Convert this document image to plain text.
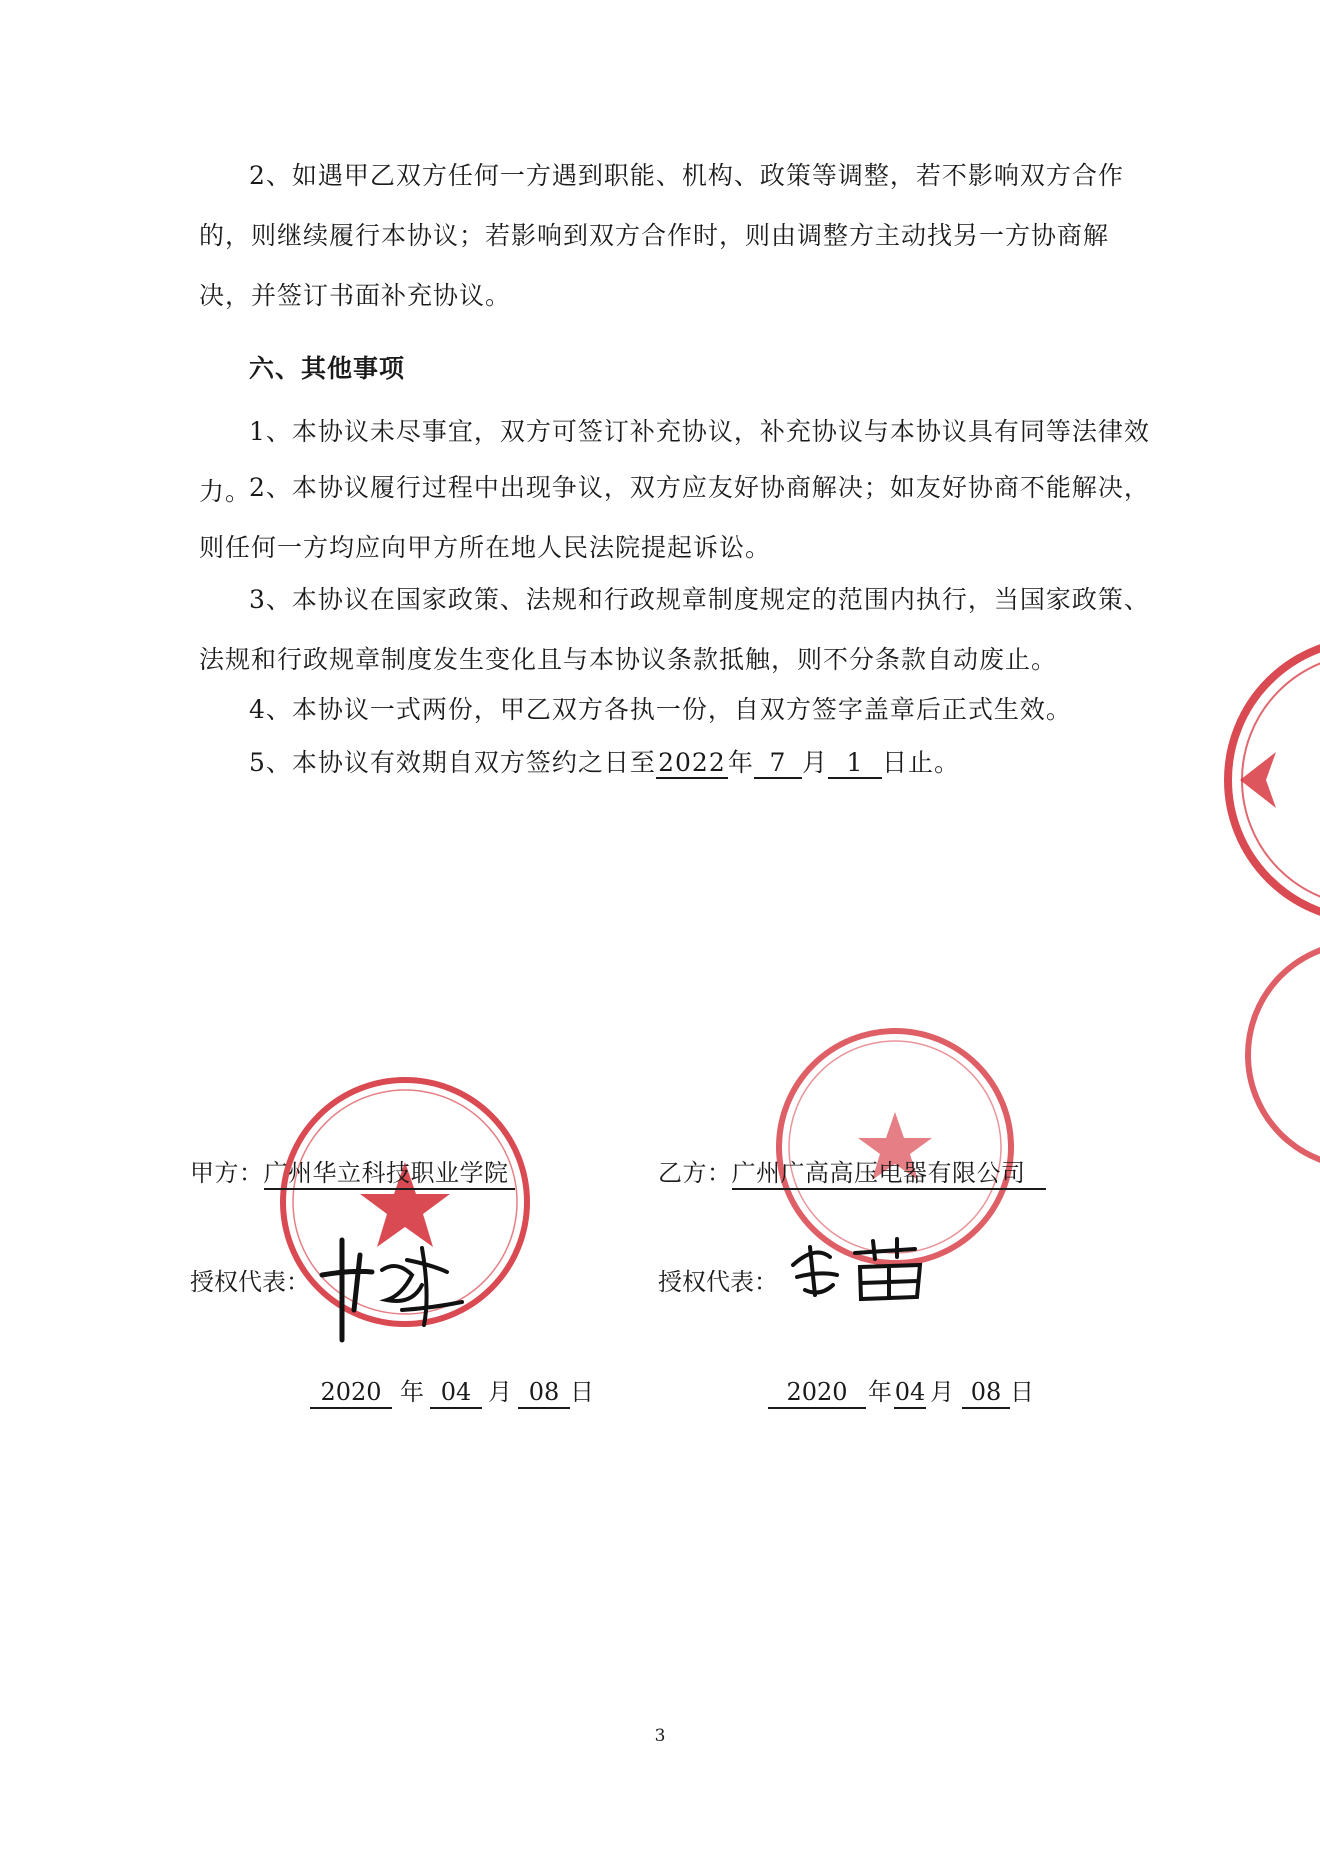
2、如遇甲乙双方任何一方遇到职能、机构、政策等调整，若不影响双方合作的，则继续履行本协议；若影响到双方合作时，则由调整方主动找另一方协商解决，并签订书面补充协议。

六、其他事项

1、本协议未尽事宜，双方可签订补充协议，补充协议与本协议具有同等法律效力。

2、本协议履行过程中出现争议，双方应友好协商解决；如友好协商不能解决，则任何一方均应向甲方所在地人民法院提起诉讼。

3、本协议在国家政策、法规和行政规章制度规定的范围内执行，当国家政策、法规和行政规章制度发生变化且与本协议条款抵触，则不分条款自动废止。

4、本协议一式两份，甲乙双方各执一份，自双方签字盖章后正式生效。

5、本协议有效期自双方签约之日至2022年 7 月 1 日止。

甲方：广州华立科技职业学院	乙方：广州广高高压电器有限公司
授权代表：	授权代表：
2020 年 04 月 08 日	2020 年 04 月 08 日
3
